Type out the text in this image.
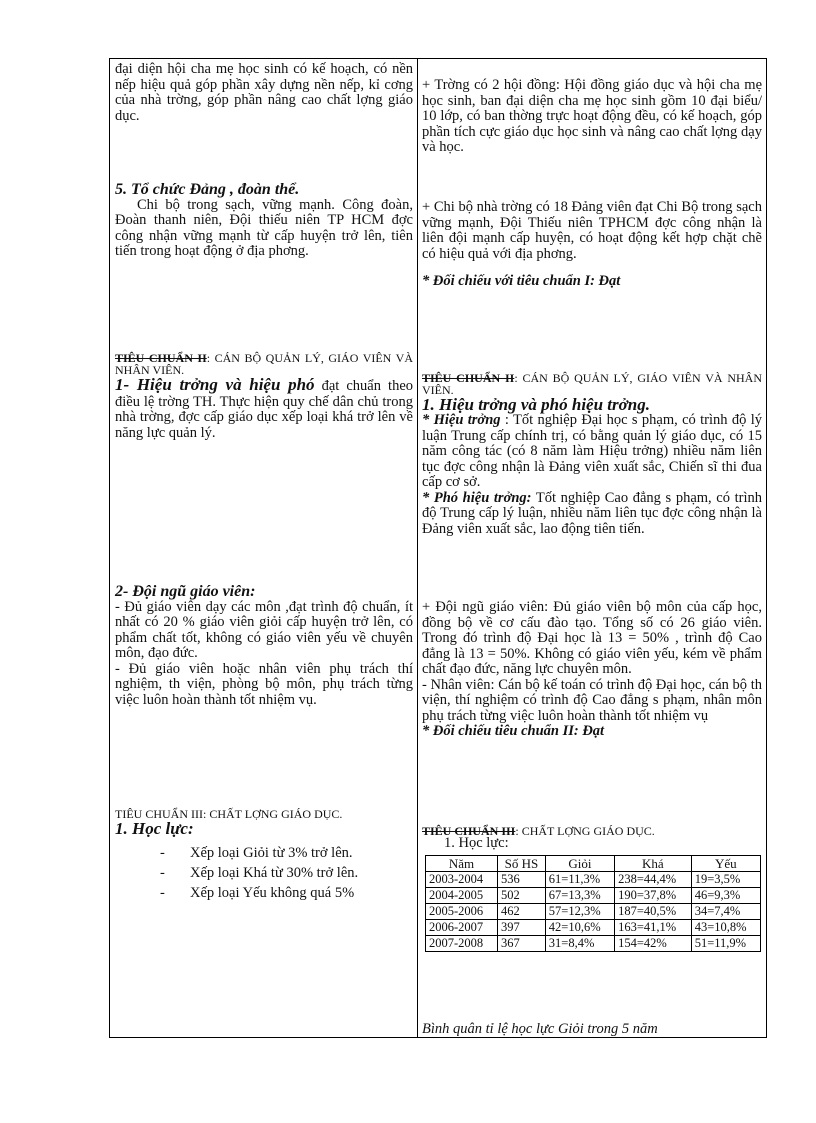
đại diện hội cha mẹ học sinh có kế hoạch, có nền nếp hiệu quả góp phần xây dựng nền nếp, kỉ cơng của nhà trờng, góp phần nâng cao chất lợng giáo dục.

5. Tổ chức Đảng , đoàn thể.

Chi bộ trong sạch, vững mạnh. Công đoàn, Đoàn thanh niên, Đội thiếu niên TP HCM đợc công nhận vững mạnh từ cấp huyện trở lên, tiên tiến trong hoạt động ở địa phơng.

TIÊU CHUẨN II: CÁN BỘ QUẢN LÝ, GIÁO VIÊN VÀ NHÂN VIÊN.

1- Hiệu trởng và hiệu phó đạt chuẩn theo điều lệ trờng TH. Thực hiện quy chế dân chủ trong nhà trờng, đợc cấp giáo dục xếp loại khá trở lên về năng lực quản lý.

2- Đội ngũ giáo viên:

- Đủ giáo viên dạy các môn ,đạt trình độ chuẩn, ít nhất có 20 % giáo viên giỏi cấp huyện trở lên, có phẩm chất tốt, không có giáo viên yếu về chuyên môn, đạo đức.

- Đủ giáo viên hoặc nhân viên phụ trách thí nghiệm, th viện, phòng bộ môn, phụ trách từng việc luôn hoàn thành tốt nhiệm vụ.

TIÊU CHUẨN III: CHẤT LỢNG GIÁO DỤC.

1. Học lực:

-	Xếp loại Giỏi từ 3% trở lên.
-	Xếp loại Khá từ 30% trở lên.
-	Xếp loại Yếu không quá 5%
+ Trờng có 2 hội đồng: Hội đồng giáo dục và hội cha mẹ học sinh, ban đại diện cha mẹ học sinh gồm 10 đại biểu/ 10 lớp, có ban thờng trực hoạt động đều, có kế hoạch, góp phần tích cực giáo dục học sinh và nâng cao chất lợng dạy và học.

+ Chi bộ nhà trờng có 18 Đảng viên đạt Chi Bộ trong sạch vững mạnh, Đội Thiếu niên TPHCM đợc công nhận là liên đội mạnh cấp huyện, có hoạt động kết hợp chặt chẽ có hiệu quả với địa phơng.

* Đối chiếu với tiêu chuẩn I: Đạt

TIÊU CHUẨN II: CÁN BỘ QUẢN LÝ, GIÁO VIÊN VÀ NHÂN VIÊN.

1. Hiệu trởng và phó hiệu trởng.

* Hiệu trởng : Tốt nghiệp Đại học s phạm, có trình độ lý luận Trung cấp chính trị, có bằng quản lý giáo dục, có 15 năm công tác (có 8 năm làm Hiệu trởng) nhiều năm liên tục đợc công nhận là Đảng viên xuất sắc, Chiến sĩ thi đua cấp cơ sở.

* Phó hiệu trởng: Tốt nghiệp Cao đẳng s phạm, có trình độ Trung cấp lý luận, nhiều năm liên tục đợc công nhận là Đảng viên xuất sắc, lao động tiên tiến.

+ Đội ngũ giáo viên: Đủ giáo viên bộ môn của cấp học, đồng bộ về cơ cấu đào tạo. Tổng số có 26 giáo viên. Trong đó trình độ Đại học là 13 = 50% , trình độ Cao đẳng là 13 = 50%. Không có giáo viên yếu, kém về phẩm chất đạo đức, năng lực chuyên môn.

- Nhân viên: Cán bộ kế toán có trình độ Đại học, cán bộ th viện, thí nghiệm có trình độ Cao đẳng s phạm, nhân môn phụ trách từng việc luôn hoàn thành tốt nhiệm vụ

* Đối chiếu tiêu chuẩn II: Đạt

TIÊU CHUẨN III: CHẤT LỢNG GIÁO DỤC.

1. Học lực:

Năm	Số HS	Giỏi	Khá	Yếu
2003-2004	536	61=11,3%	238=44,4%	19=3,5%
2004-2005	502	67=13,3%	190=37,8%	46=9,3%
2005-2006	462	57=12,3%	187=40,5%	34=7,4%
2006-2007	397	42=10,6%	163=41,1%	43=10,8%
2007-2008	367	31=8,4%	154=42%	51=11,9%
Bình quân tỉ lệ học lực Giỏi trong 5 năm
